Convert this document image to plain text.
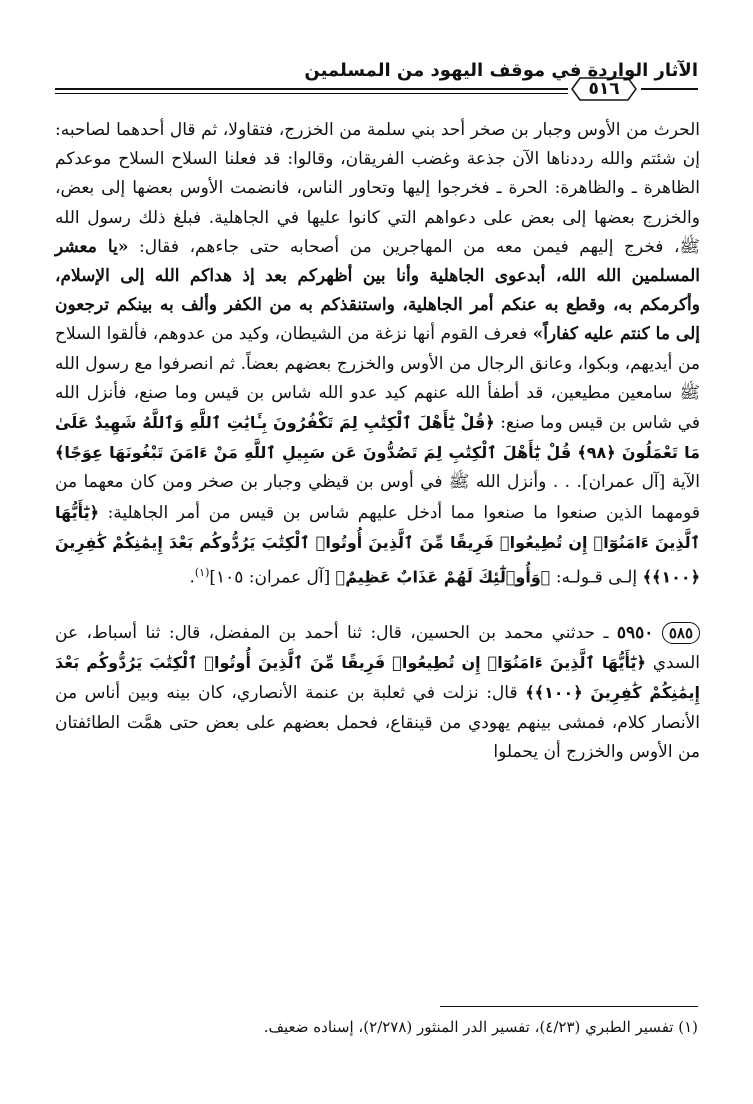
الآثار الواردة في موقف اليهود من المسلمين
٥١٦

الحرث من الأوس وجبار بن صخر أحد بني سلمة من الخزرج، فتقاولا، ثم قال أحدهما لصاحبه: إن شئتم والله رددناها الآن جذعة وغضب الفريقان، وقالوا: قد فعلنا السلاح السلاح موعدكم الظاهرة ـ والظاهرة: الحرة ـ فخرجوا إليها وتحاور الناس، فانضمت الأوس بعضها إلى بعض، والخزرج بعضها إلى بعض على دعواهم التي كانوا عليها في الجاهلية. فبلغ ذلك رسول الله ﷺ، فخرج إليهم فيمن معه من المهاجرين من أصحابه حتى جاءهم، فقال: «يا معشر المسلمين الله الله، أبدعوى الجاهلية وأنا بين أظهركم بعد إذ هداكم الله إلى الإسلام، وأكرمكم به، وقطع به عنكم أمر الجاهلية، واستنقذكم به من الكفر وألف به بينكم ترجعون إلى ما كنتم عليه كفاراً» فعرف القوم أنها نزغة من الشيطان، وكيد من عدوهم، فألقوا السلاح من أيديهم، وبكوا، وعانق الرجال من الأوس والخزرج بعضهم بعضاً. ثم انصرفوا مع رسول الله ﷺ سامعين مطيعين، قد أطفأ الله عنهم كيد عدو الله شاس بن قيس وما صنع، فأنزل الله في شاس بن قيس وما صنع: ﴿قُلْ يَٰٓأَهْلَ ٱلْكِتَٰبِ لِمَ تَكْفُرُونَ بِـَٔايَٰتِ ٱللَّهِ وَٱللَّهُ شَهِيدٌ عَلَىٰ مَا تَعْمَلُونَ ﴿٩٨﴾ قُلْ يَٰٓأَهْلَ ٱلْكِتَٰبِ لِمَ تَصُدُّونَ عَن سَبِيلِ ٱللَّهِ مَنْ ءَامَنَ تَبْغُونَهَا عِوَجًا﴾ الآية [آل عمران]. . . وأنزل الله ﷺ في أوس بن قيظي وجبار بن صخر ومن كان معهما من قومهما الذين صنعوا ما صنعوا مما أدخل عليهم شاس بن قيس من أمر الجاهلية: ﴿يَٰٓأَيُّهَا ٱلَّذِينَ ءَامَنُوٓا۟ إِن تُطِيعُوا۟ فَرِيقًا مِّنَ ٱلَّذِينَ أُوتُوا۟ ٱلْكِتَٰبَ يَرُدُّوكُم بَعْدَ إِيمَٰنِكُمْ كَٰفِرِينَ ﴿١٠٠﴾﴾ إلـى قـولـه: ﴿وَأُو۟لَٰٓئِكَ لَهُمْ عَذَابٌ عَظِيمٌ﴾ [آل عمران: ١٠٥]$^{(١)}$.

٥٨٥ ٥٩٥٠ ـ حدثني محمد بن الحسين، قال: ثنا أحمد بن المفضل، قال: ثنا أسباط، عن السدي ﴿يَٰٓأَيُّهَا ٱلَّذِينَ ءَامَنُوٓا۟ إِن تُطِيعُوا۟ فَرِيقًا مِّنَ ٱلَّذِينَ أُوتُوا۟ ٱلْكِتَٰبَ يَرُدُّوكُم بَعْدَ إِيمَٰنِكُمْ كَٰفِرِينَ ﴿١٠٠﴾﴾ قال: نزلت في ثعلبة بن عنمة الأنصاري، كان بينه وبين أناس من الأنصار كلام، فمشى بينهم يهودي من قينقاع، فحمل بعضهم على بعض حتى همَّت الطائفتان من الأوس والخزرج أن يحملوا

(١) تفسير الطبري (٤/٢٣)، تفسير الدر المنثور (٢/٢٧٨)، إسناده ضعيف.
